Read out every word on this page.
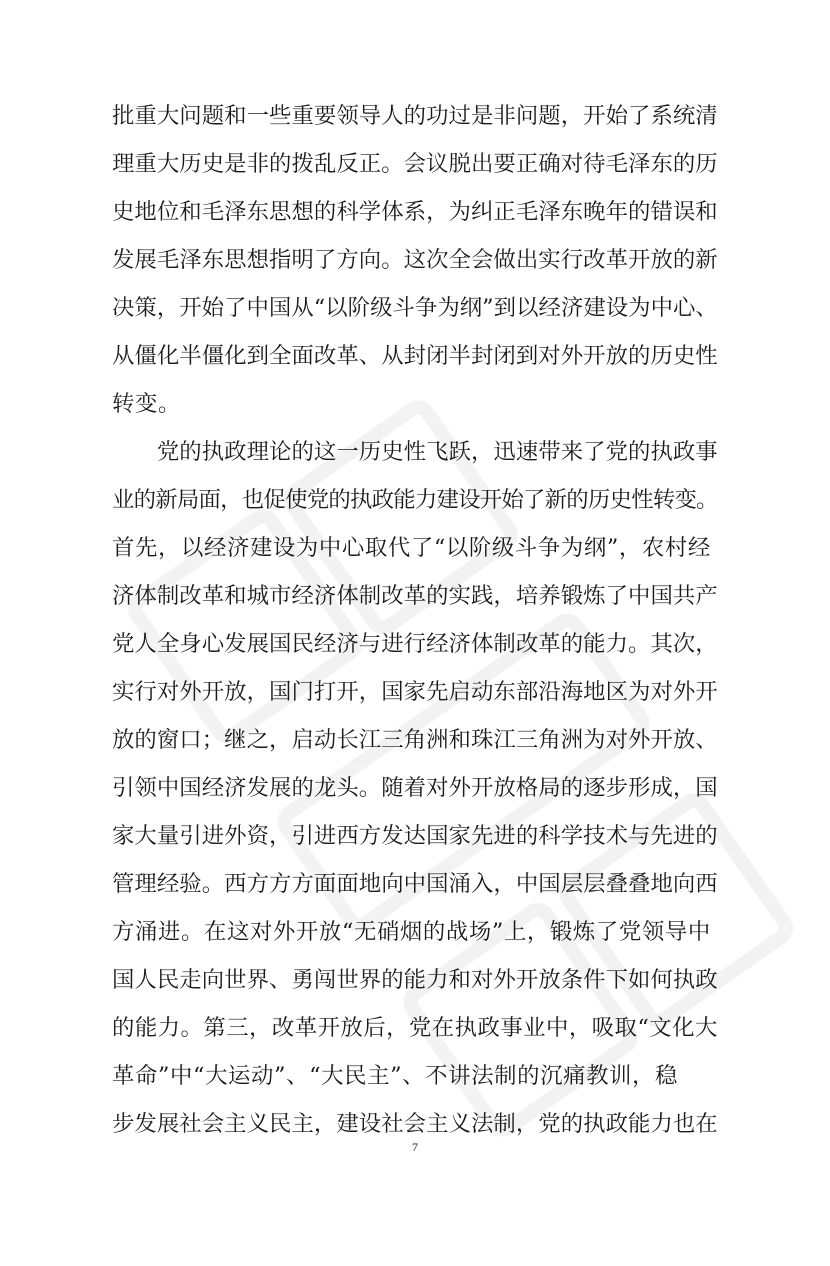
批重大问题和一些重要领导人的功过是非问题，开始了系统清
理重大历史是非的拨乱反正。会议脱出要正确对待毛泽东的历
史地位和毛泽东思想的科学体系，为纠正毛泽东晚年的错误和
发展毛泽东思想指明了方向。这次全会做出实行改革开放的新
决策，开始了中国从“以阶级斗争为纲”到以经济建设为中心、
从僵化半僵化到全面改革、从封闭半封闭到对外开放的历史性
转变。
　　党的执政理论的这一历史性飞跃，迅速带来了党的执政事
业的新局面，也促使党的执政能力建设开始了新的历史性转变。
首先，以经济建设为中心取代了“以阶级斗争为纲”，农村经
济体制改革和城市经济体制改革的实践，培养锻炼了中国共产
党人全身心发展国民经济与进行经济体制改革的能力。其次，
实行对外开放，国门打开，国家先启动东部沿海地区为对外开
放的窗口；继之，启动长江三角洲和珠江三角洲为对外开放、
引领中国经济发展的龙头。随着对外开放格局的逐步形成，国
家大量引进外资，引进西方发达国家先进的科学技术与先进的
管理经验。西方方方面面地向中国涌入，中国层层叠叠地向西
方涌进。在这对外开放“无硝烟的战场”上，锻炼了党领导中
国人民走向世界、勇闯世界的能力和对外开放条件下如何执政
的能力。第三，改革开放后，党在执政事业中，吸取“文化大
革命”中“大运动”、“大民主”、不讲法制的沉痛教训，稳
步发展社会主义民主，建设社会主义法制，党的执政能力也在
7
